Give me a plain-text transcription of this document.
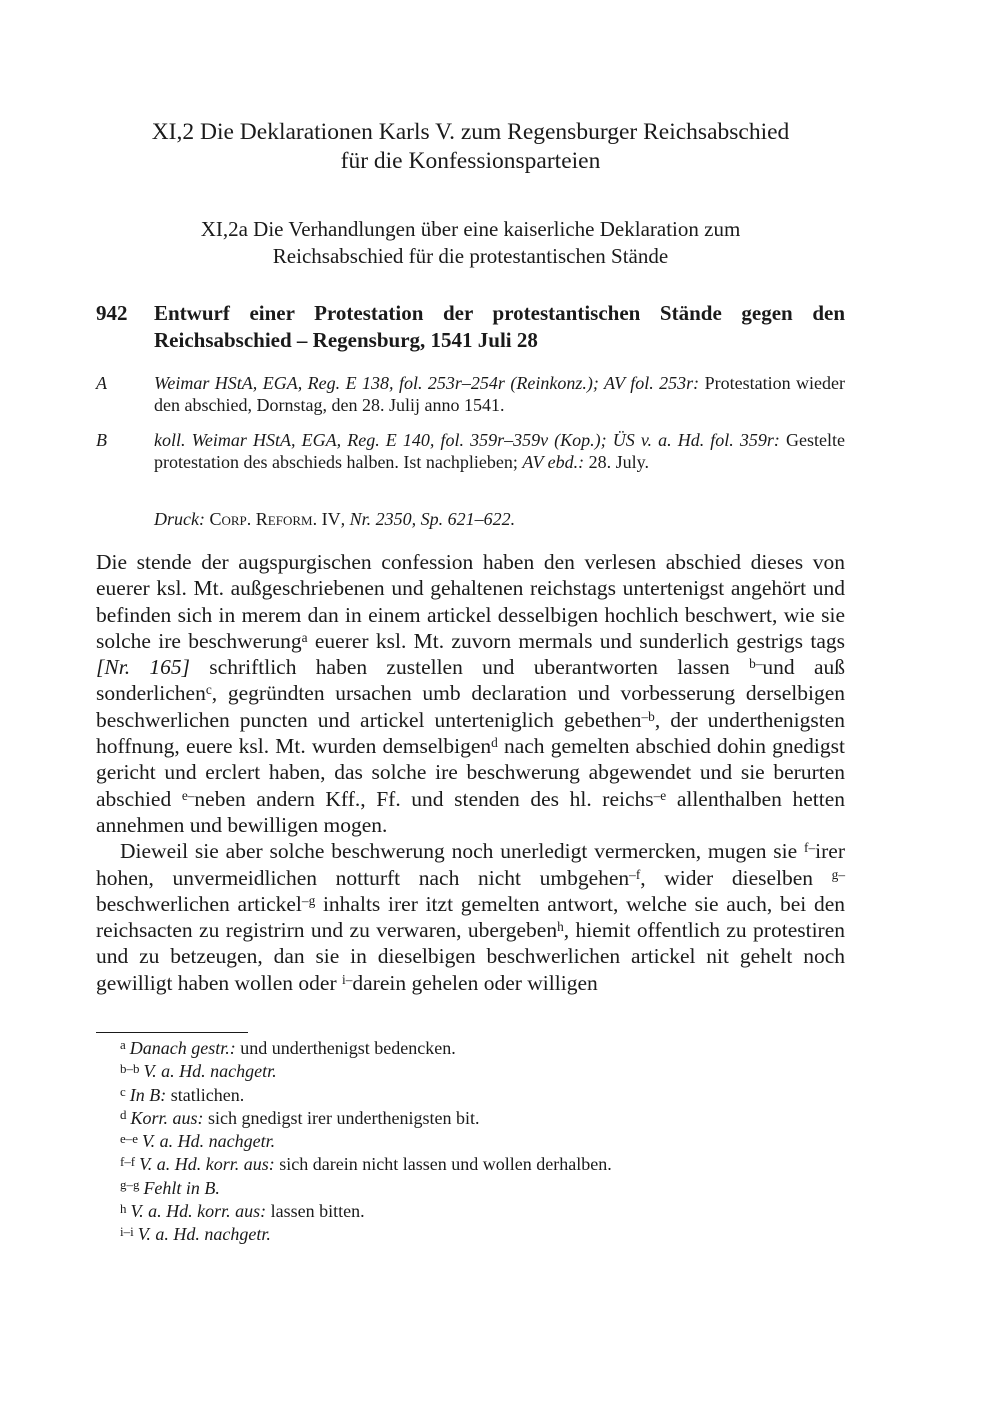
XI,2 Die Deklarationen Karls V. zum Regensburger Reichsabschied
für die Konfessionsparteien
XI,2a Die Verhandlungen über eine kaiserliche Deklaration zum
Reichsabschied für die protestantischen Stände
942 Entwurf einer Protestation der protestantischen Stände gegen den Reichsabschied – Regensburg, 1541 Juli 28
A	Weimar HStA, EGA, Reg. E 138, fol. 253r–254r (Reinkonz.); AV fol. 253r: Protestation wieder den abschied, Dornstag, den 28. Julij anno 1541.
B	koll. Weimar HStA, EGA, Reg. E 140, fol. 359r–359v (Kop.); ÜS v. a. Hd. fol. 359r: Gestelte protestation des abschieds halben. Ist nachplieben; AV ebd.: 28. July.
Druck: Corp. Reform. IV, Nr. 2350, Sp. 621–622.

Die stende der augspurgischen confession haben den verlesen abschied dieses von euerer ksl. Mt. außgeschriebenen und gehaltenen reichstags untertenigst angehört und befinden sich in merem dan in einem artickel desselbigen hochlich beschwert, wie sie solche ire beschwerung$^a$ euerer ksl. Mt. zuvorn mermals und sunderlich gestrigs tags [Nr. 165] schriftlich haben zustellen und uberantworten lassen $^{b-}$und auß sonderlichen$^c$, gegründten ursachen umb declaration und vorbesserung derselbigen beschwerlichen puncten und artickel unterteniglich gebethen$^{-b}$, der underthenigsten hoffnung, euere ksl. Mt. wurden demselbigen$^d$ nach gemelten abschied dohin gnedigst gericht und erclert haben, das solche ire beschwerung abgewendet und sie berurten abschied $^{e-}$neben andern Kff., Ff. und stenden des hl. reichs$^{-e}$ allenthalben hetten annehmen und bewilligen mogen.

Dieweil sie aber solche beschwerung noch unerledigt vermercken, mugen sie $^{f-}$irer hohen, unvermeidlichen notturft nach nicht umbgehen$^{-f}$, wider dieselben $^{g-}$beschwerlichen artickel$^{-g}$ inhalts irer itzt gemelten antwort, welche sie auch, bei den reichsacten zu registrirn und zu verwaren, ubergeben$^h$, hiemit offentlich zu protestiren und zu betzeugen, dan sie in dieselbigen beschwerlichen artickel nit gehelt noch gewilligt haben wollen oder $^{i-}$darein gehelen oder willigen

$^a$ Danach gestr.: und underthenigst bedencken.
$^{b-b}$ V. a. Hd. nachgetr.
$^c$ In B: statlichen.
$^d$ Korr. aus: sich gnedigst irer underthenigsten bit.
$^{e-e}$ V. a. Hd. nachgetr.
$^{f-f}$ V. a. Hd. korr. aus: sich darein nicht lassen und wollen derhalben.
$^{g-g}$ Fehlt in B.
$^h$ V. a. Hd. korr. aus: lassen bitten.
$^{i-i}$ V. a. Hd. nachgetr.
